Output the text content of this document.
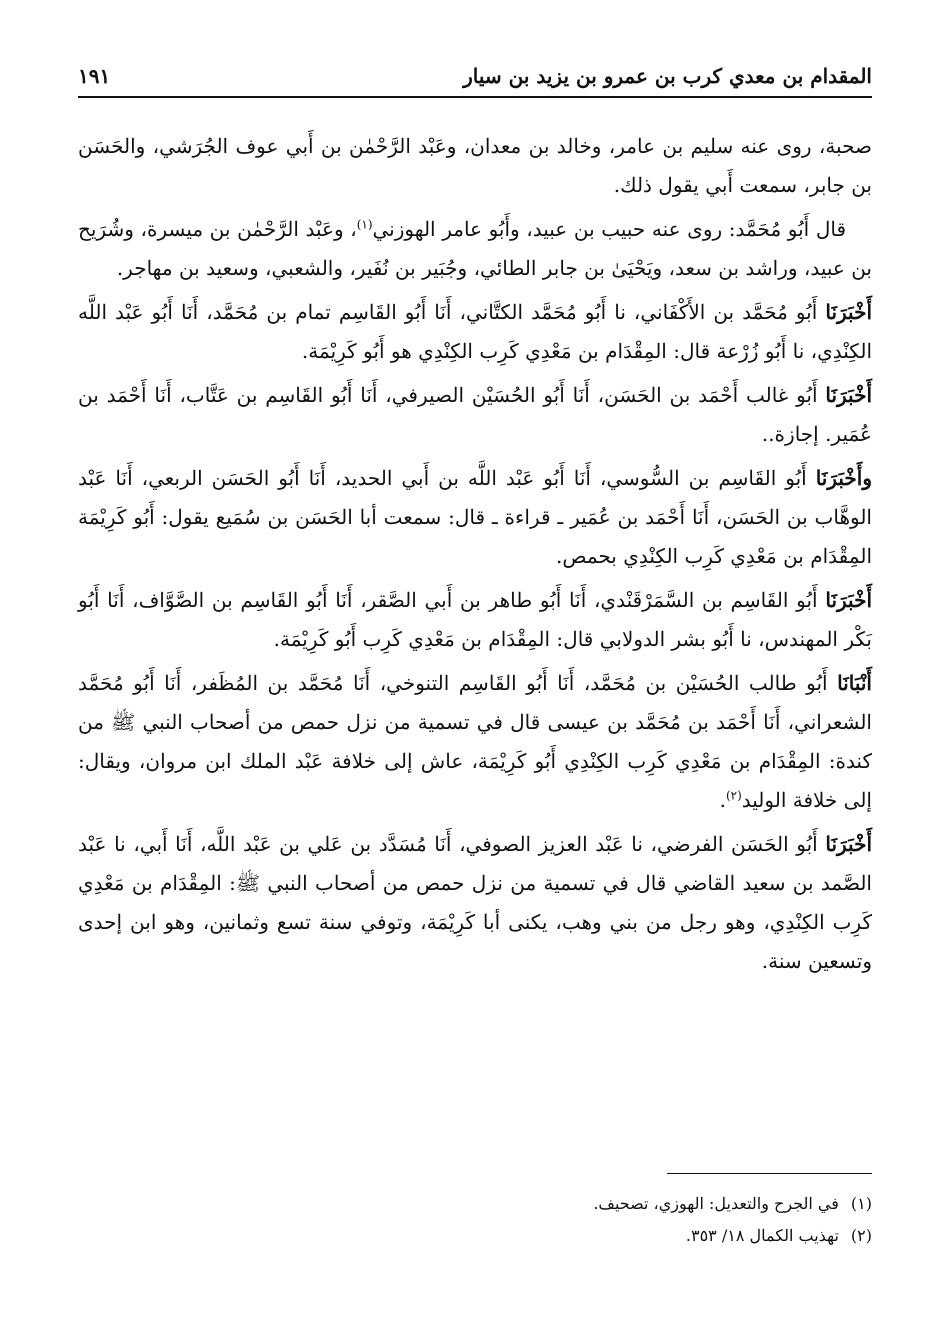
المقدام بن معدي كرب بن عمرو بن يزيد بن سيار
١٩١

صحبة، روى عنه سليم بن عامر، وخالد بن معدان، وعَبْد الرَّحْمٰن بن أَبي عوف الجُرَشي، والحَسَن بن جابر، سمعت أَبي يقول ذلك.

قال أَبُو مُحَمَّد: روى عنه حبيب بن عبيد، وأَبُو عامر الهوزني$^{(١)}$، وعَبْد الرَّحْمٰن بن ميسرة، وشُرَيح بن عبيد، وراشد بن سعد، ويَحْيَىٰ بن جابر الطائي، وجُبَير بن نُفَير، والشعبي، وسعيد بن مهاجر.

أَخْبَرَنَا أَبُو مُحَمَّد بن الأَكْفَاني، نا أَبُو مُحَمَّد الكتَّاني، أَنَا أَبُو القَاسِم تمام بن مُحَمَّد، أَنَا أَبُو عَبْد اللَّه الكِنْدِي، نا أَبُو زُرْعة قال: المِقْدَام بن مَعْدِي كَرِب الكِنْدِي هو أَبُو كَرِيْمَة.

أَخْبَرَنَا أَبُو غالب أَحْمَد بن الحَسَن، أَنَا أَبُو الحُسَيْن الصيرفي، أَنَا أَبُو القَاسِم بن عَتَّاب، أَنَا أَحْمَد بن عُمَير. إجازة..

وأَخْبَرَنَا أَبُو القَاسِم بن السُّوسي، أَنَا أَبُو عَبْد اللَّه بن أَبي الحديد، أَنَا أَبُو الحَسَن الربعي، أَنَا عَبْد الوهَّاب بن الحَسَن، أَنَا أَحْمَد بن عُمَير ـ قراءة ـ قال: سمعت أبا الحَسَن بن سُمَيع يقول: أَبُو كَرِيْمَة المِقْدَام بن مَعْدِي كَرِب الكِنْدِي بحمص.

أَخْبَرَنَا أَبُو القَاسِم بن السَّمَرْقَنْدي، أَنَا أَبُو طاهر بن أَبي الصَّقر، أَنَا أَبُو القَاسِم بن الصَّوَّاف، أَنَا أَبُو بَكْر المهندس، نا أَبُو بشر الدولابي قال: المِقْدَام بن مَعْدِي كَرِب أَبُو كَرِيْمَة.

أَنْبَانَا أَبُو طالب الحُسَيْن بن مُحَمَّد، أَنَا أَبُو القَاسِم التنوخي، أَنَا مُحَمَّد بن المُظَفر، أَنَا أَبُو مُحَمَّد الشعراني، أَنَا أَحْمَد بن مُحَمَّد بن عيسى قال في تسمية من نزل حمص من أصحاب النبي ﷺ من كندة: المِقْدَام بن مَعْدِي كَرِب الكِنْدِي أَبُو كَرِيْمَة، عاش إلى خلافة عَبْد الملك ابن مروان، ويقال: إلى خلافة الوليد$^{(٢)}$.

أَخْبَرَنَا أَبُو الحَسَن الفرضي، نا عَبْد العزيز الصوفي، أَنَا مُسَدَّد بن عَلي بن عَبْد اللَّه، أَنَا أَبي، نا عَبْد الصَّمد بن سعيد القاضي قال في تسمية من نزل حمص من أصحاب النبي ﷺ: المِقْدَام بن مَعْدِي كَرِب الكِنْدِي، وهو رجل من بني وهب، يكنى أبا كَرِيْمَة، وتوفي سنة تسع وثمانين، وهو ابن إحدى وتسعين سنة.

(١)في الجرح والتعديل: الهوزي، تصحيف.

(٢)تهذيب الكمال ١٨/ ٣٥٣.
